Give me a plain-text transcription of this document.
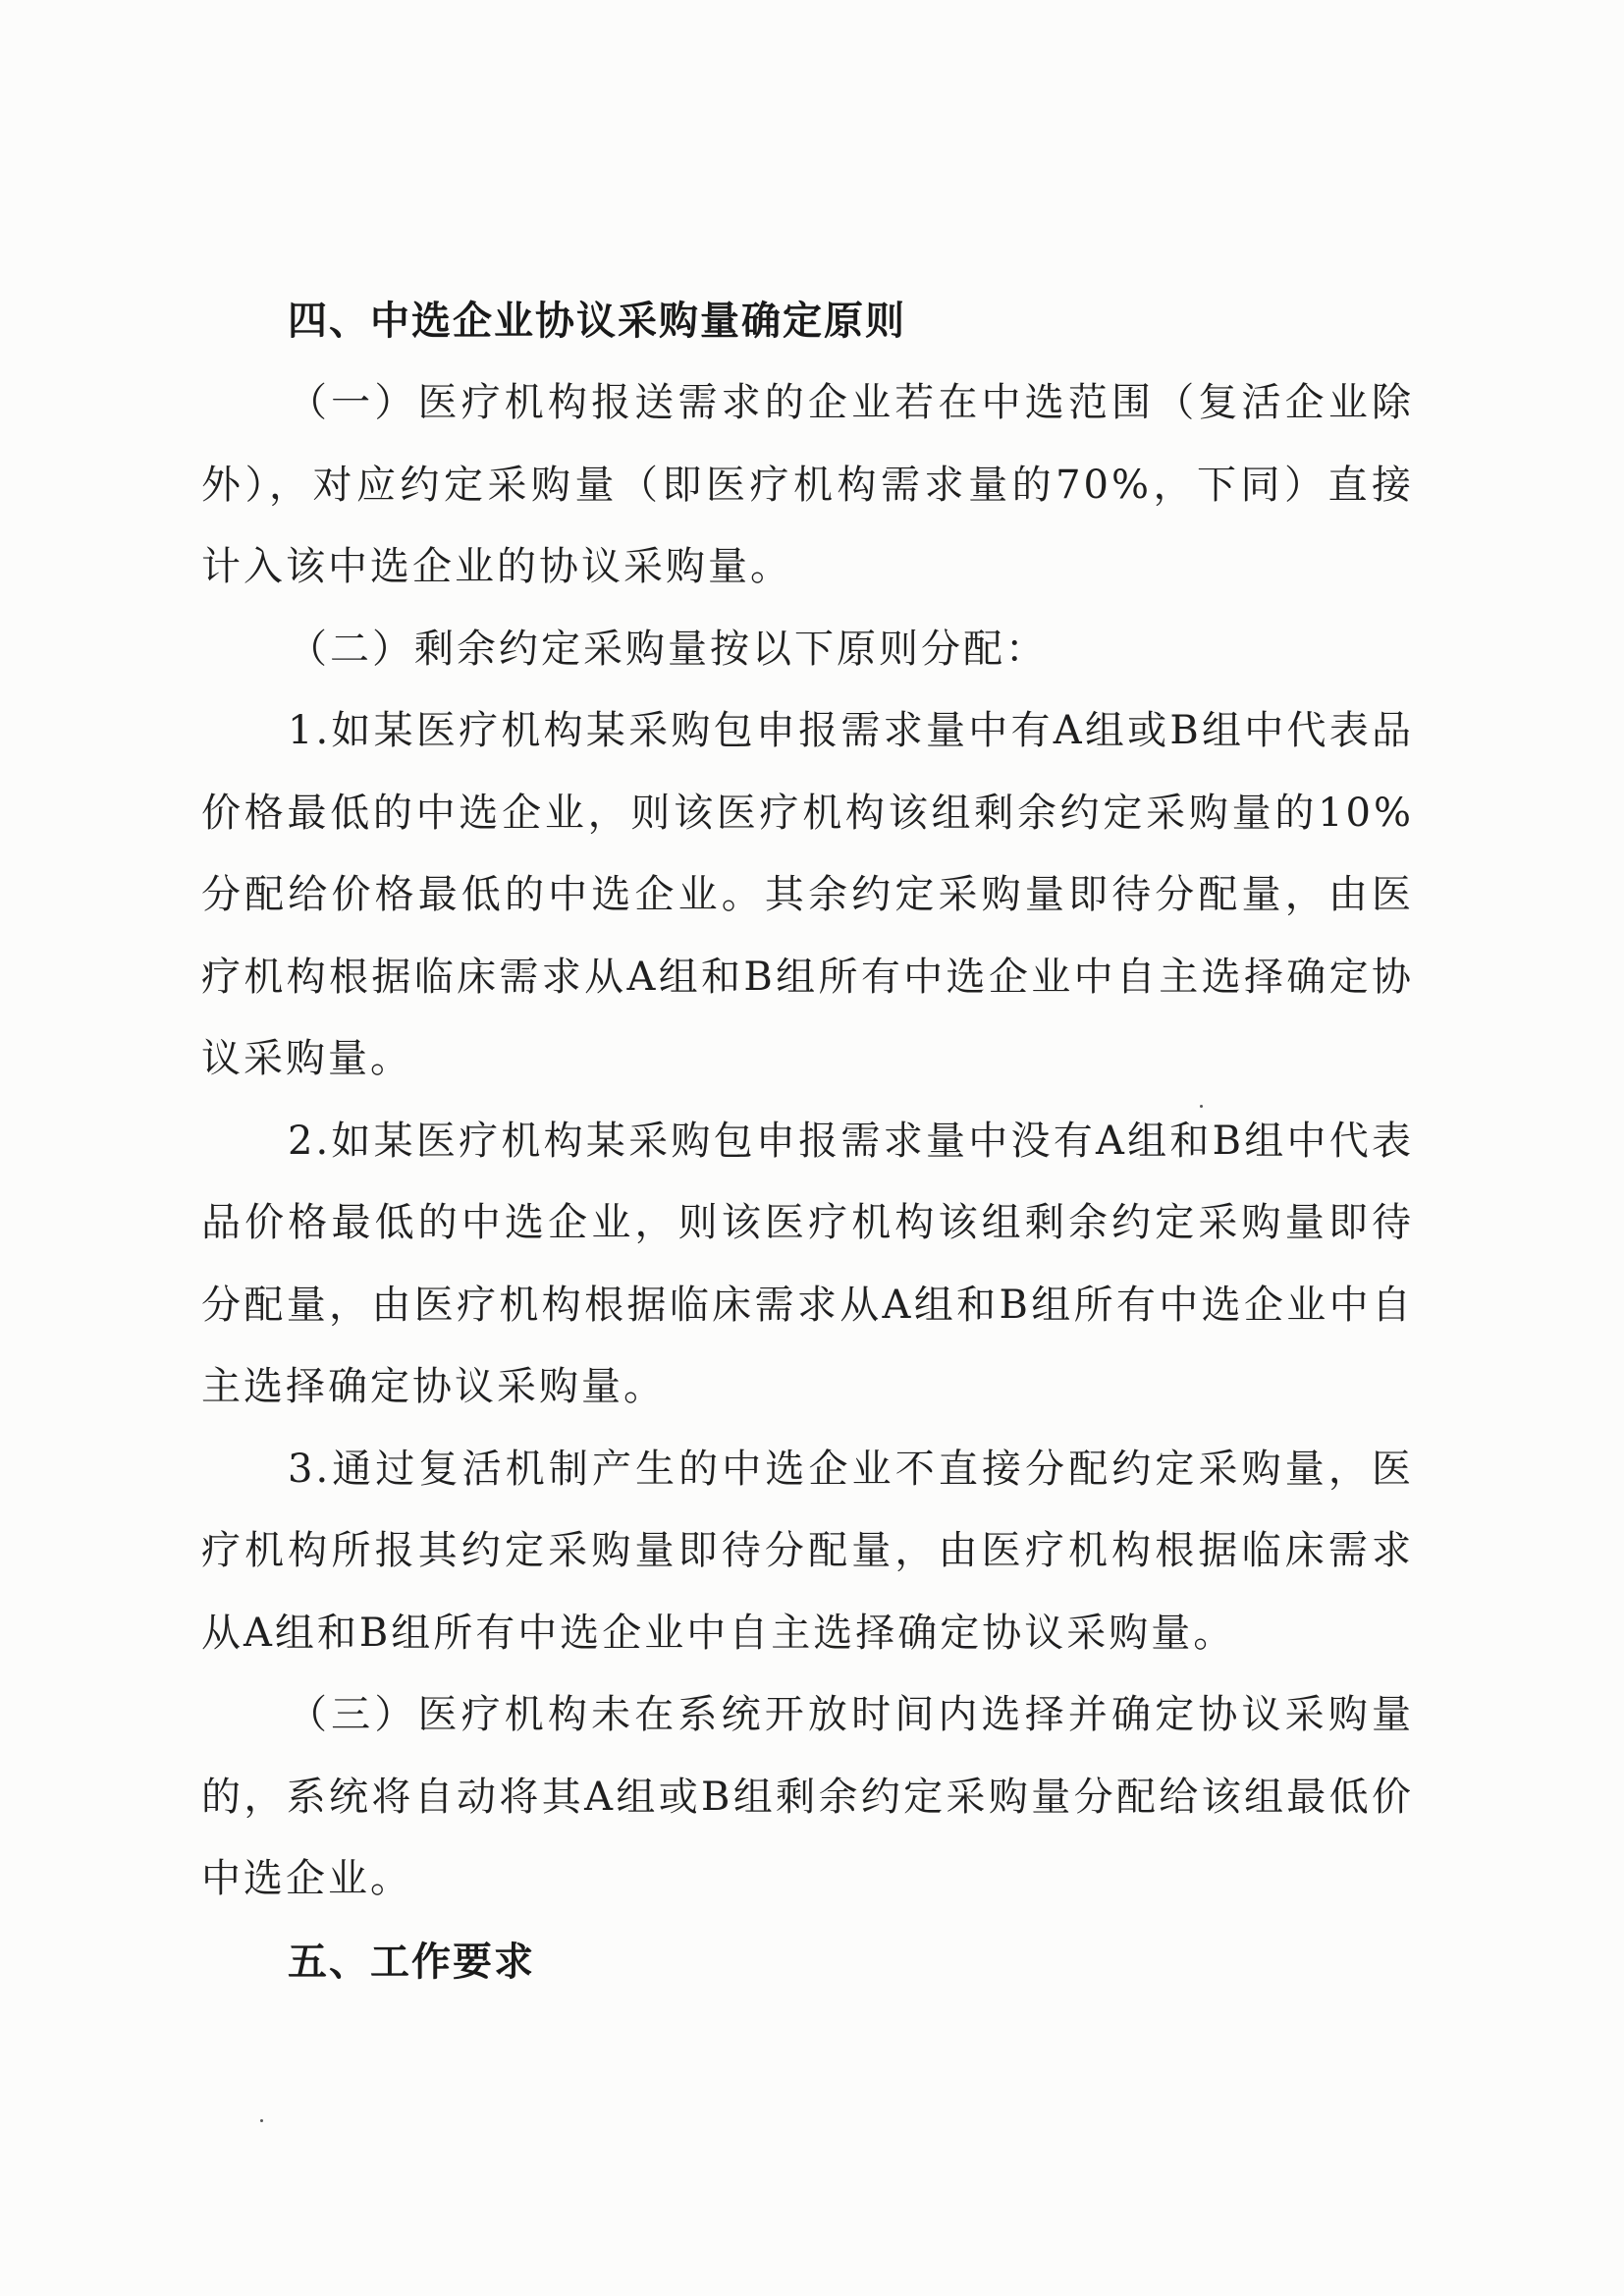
四、中选企业协议采购量确定原则

（一）医疗机构报送需求的企业若在中选范围（复活企业除外），对应约定采购量（即医疗机构需求量的70%，下同）直接计入该中选企业的协议采购量。

（二）剩余约定采购量按以下原则分配：

1.如某医疗机构某采购包申报需求量中有A组或B组中代表品价格最低的中选企业，则该医疗机构该组剩余约定采购量的10%分配给价格最低的中选企业。其余约定采购量即待分配量，由医疗机构根据临床需求从A组和B组所有中选企业中自主选择确定协议采购量。

2.如某医疗机构某采购包申报需求量中没有A组和B组中代表品价格最低的中选企业，则该医疗机构该组剩余约定采购量即待分配量，由医疗机构根据临床需求从A组和B组所有中选企业中自主选择确定协议采购量。

3.通过复活机制产生的中选企业不直接分配约定采购量，医疗机构所报其约定采购量即待分配量，由医疗机构根据临床需求从A组和B组所有中选企业中自主选择确定协议采购量。

（三）医疗机构未在系统开放时间内选择并确定协议采购量的，系统将自动将其A组或B组剩余约定采购量分配给该组最低价中选企业。

五、工作要求
